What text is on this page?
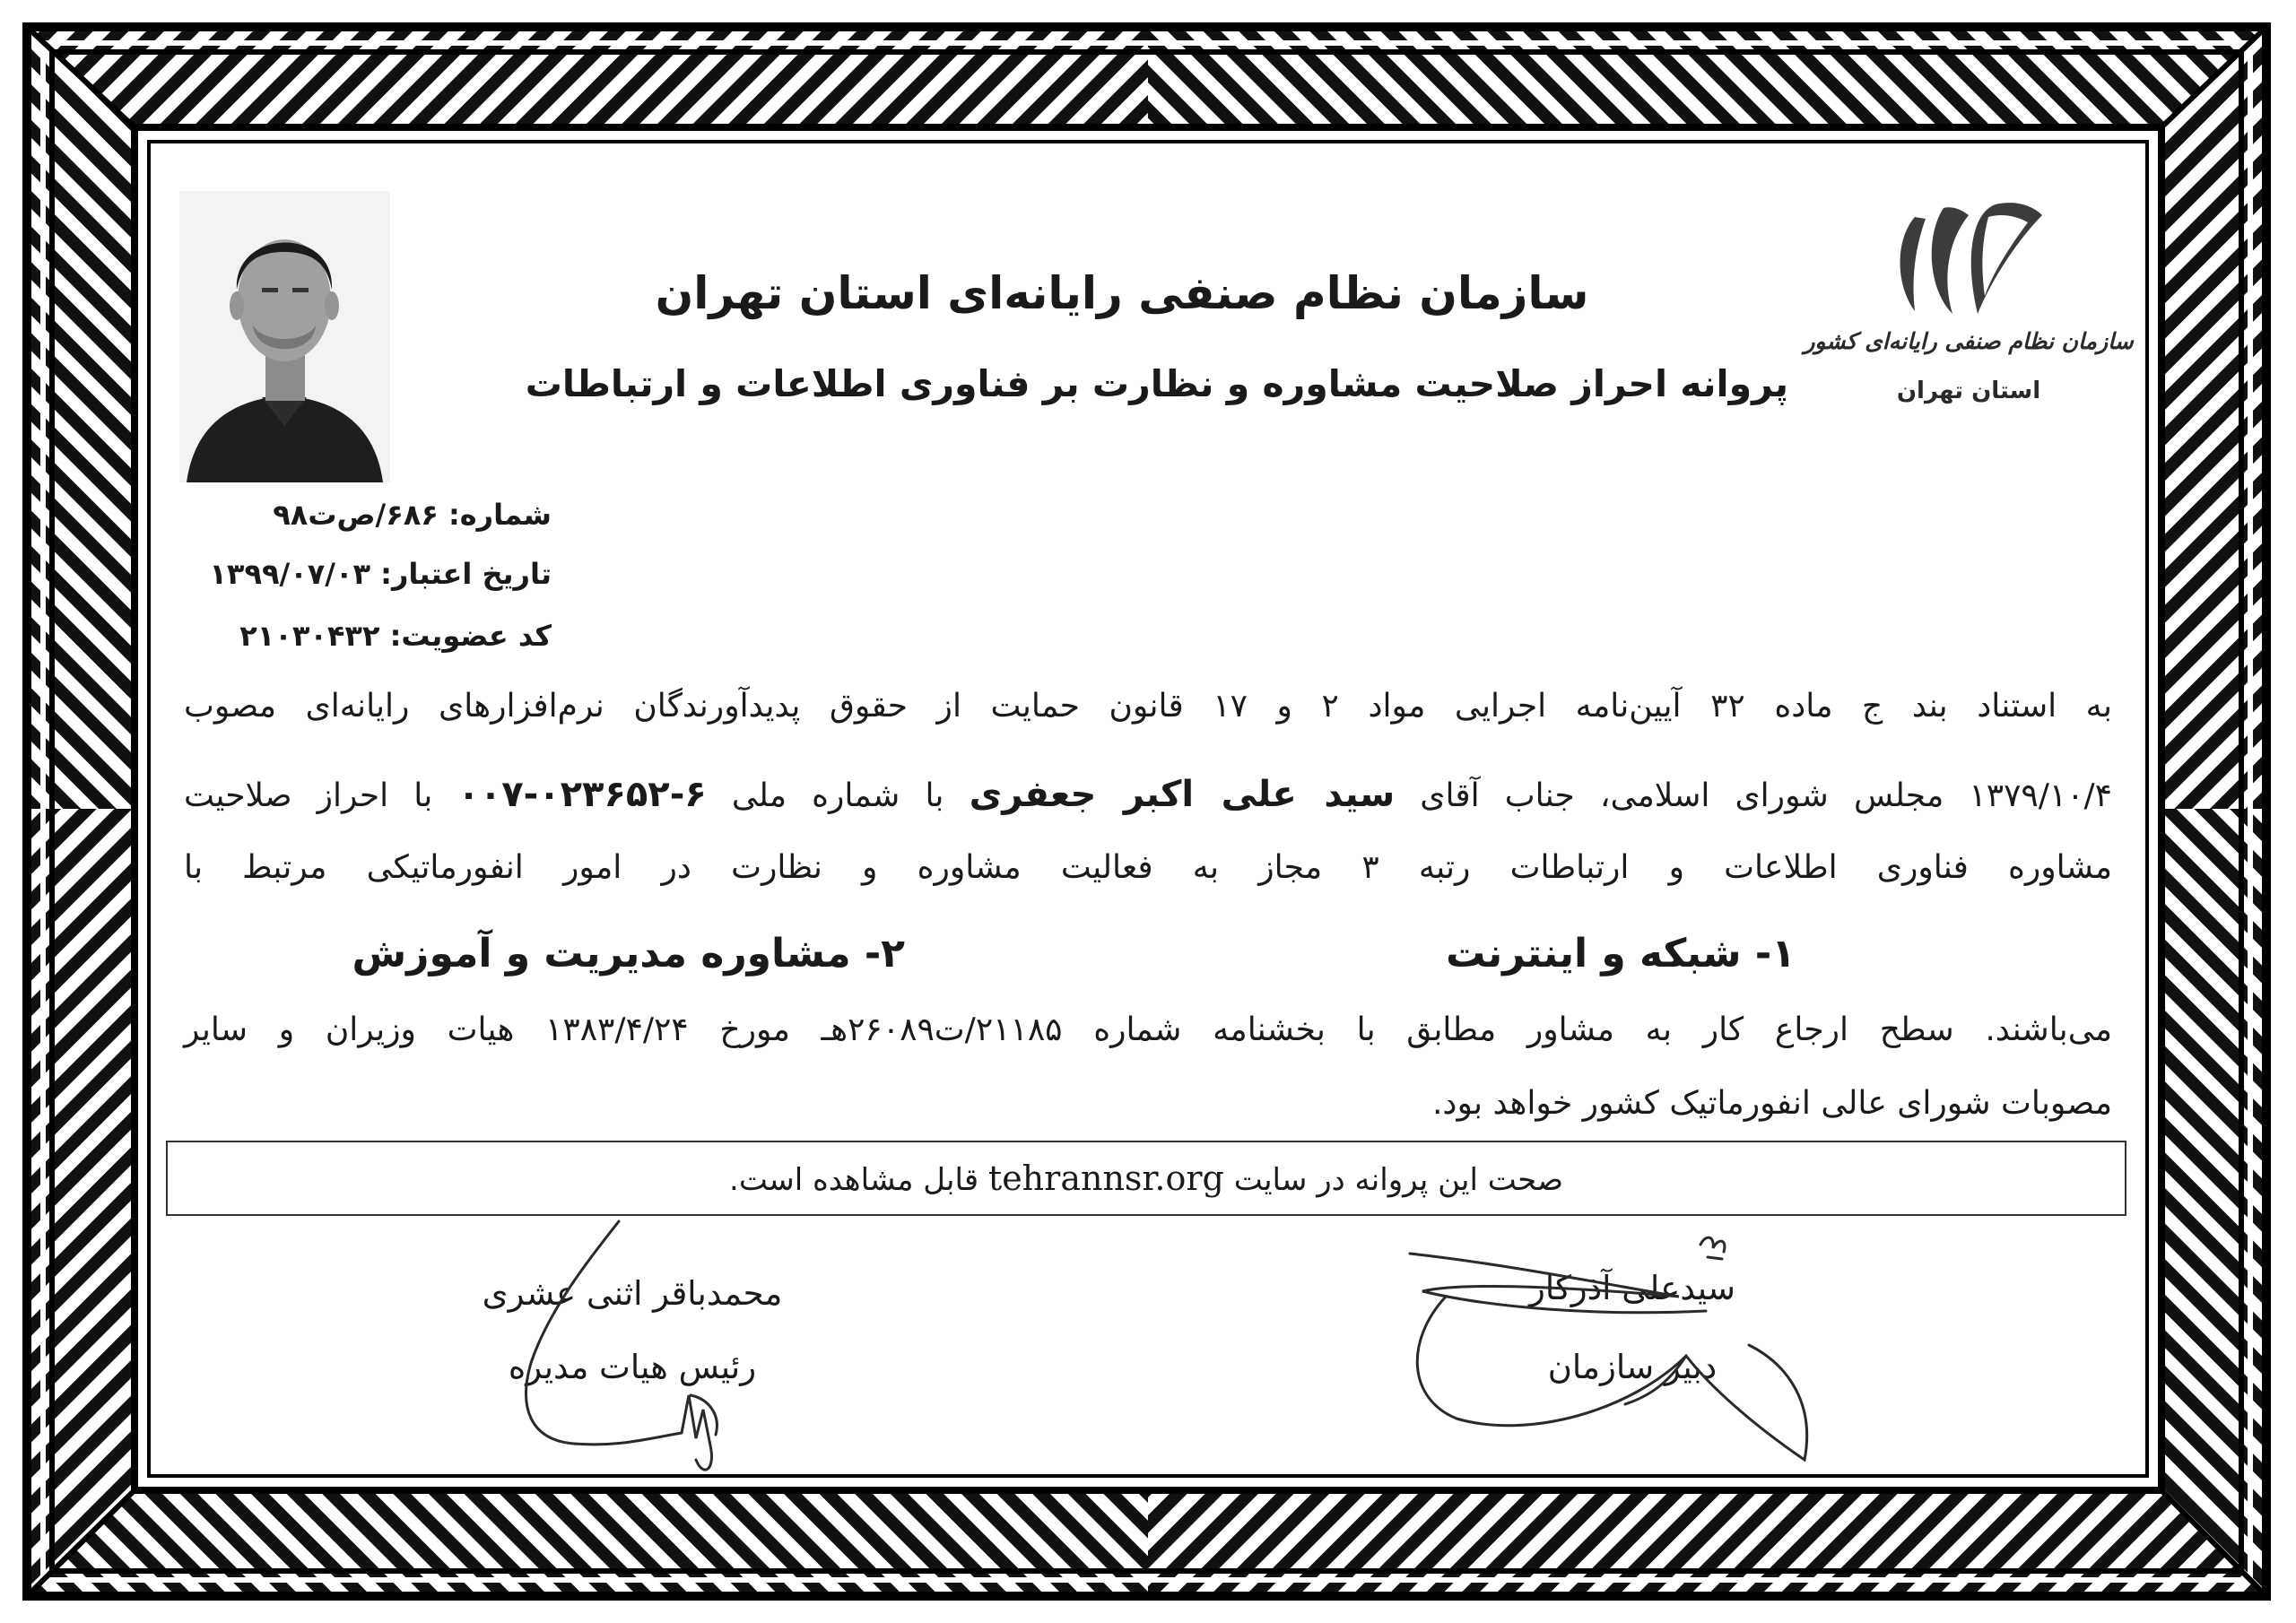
سازمان نظام صنفی رایانه‌ای کشور
استان تهران
سازمان نظام صنفی رایانه‌ای استان تهران
پروانه احراز صلاحیت مشاوره و نظارت بر فناوری اطلاعات و ارتباطات
شماره: ۶۸۶/ص‌ت۹۸
تاریخ اعتبار: ۱۳۹۹/۰۷/۰۳
کد عضویت: ۲۱۰۳۰۴۳۲
به استناد بند ج ماده ۳۲ آیین‌نامه اجرایی مواد ۲ و ۱۷ قانون حمایت از حقوق پدیدآورندگان نرم‌افزارهای رایانه‌ای مصوب
۱۳۷۹/۱۰/۴ مجلس شورای اسلامی، جناب آقای سید علی اکبر جعفری با شماره ملی ۰۰۷-۰۲۳۶۵۲-۶ با احراز صلاحیت
مشاوره فناوری اطلاعات و ارتباطات رتبه ۳ مجاز به فعالیت مشاوره و نظارت در امور انفورماتیکی مرتبط با
۱- شبکه و اینترنت
۲- مشاوره مدیریت و آموزش
می‌باشند. سطح ارجاع کار به مشاور مطابق با بخشنامه شماره ۲۱۱۸۵/ت۲۶۰۸۹هـ مورخ ۱۳۸۳/۴/۲۴ هیات وزیران و سایر
مصوبات شورای عالی انفورماتیک کشور خواهد بود.
صحت این پروانه در سایت tehrannsr.org قابل مشاهده است.
محمدباقر اثنی عشری
رئیس هیات مدیره
سیدعلی آذرکار
دبیر سازمان
